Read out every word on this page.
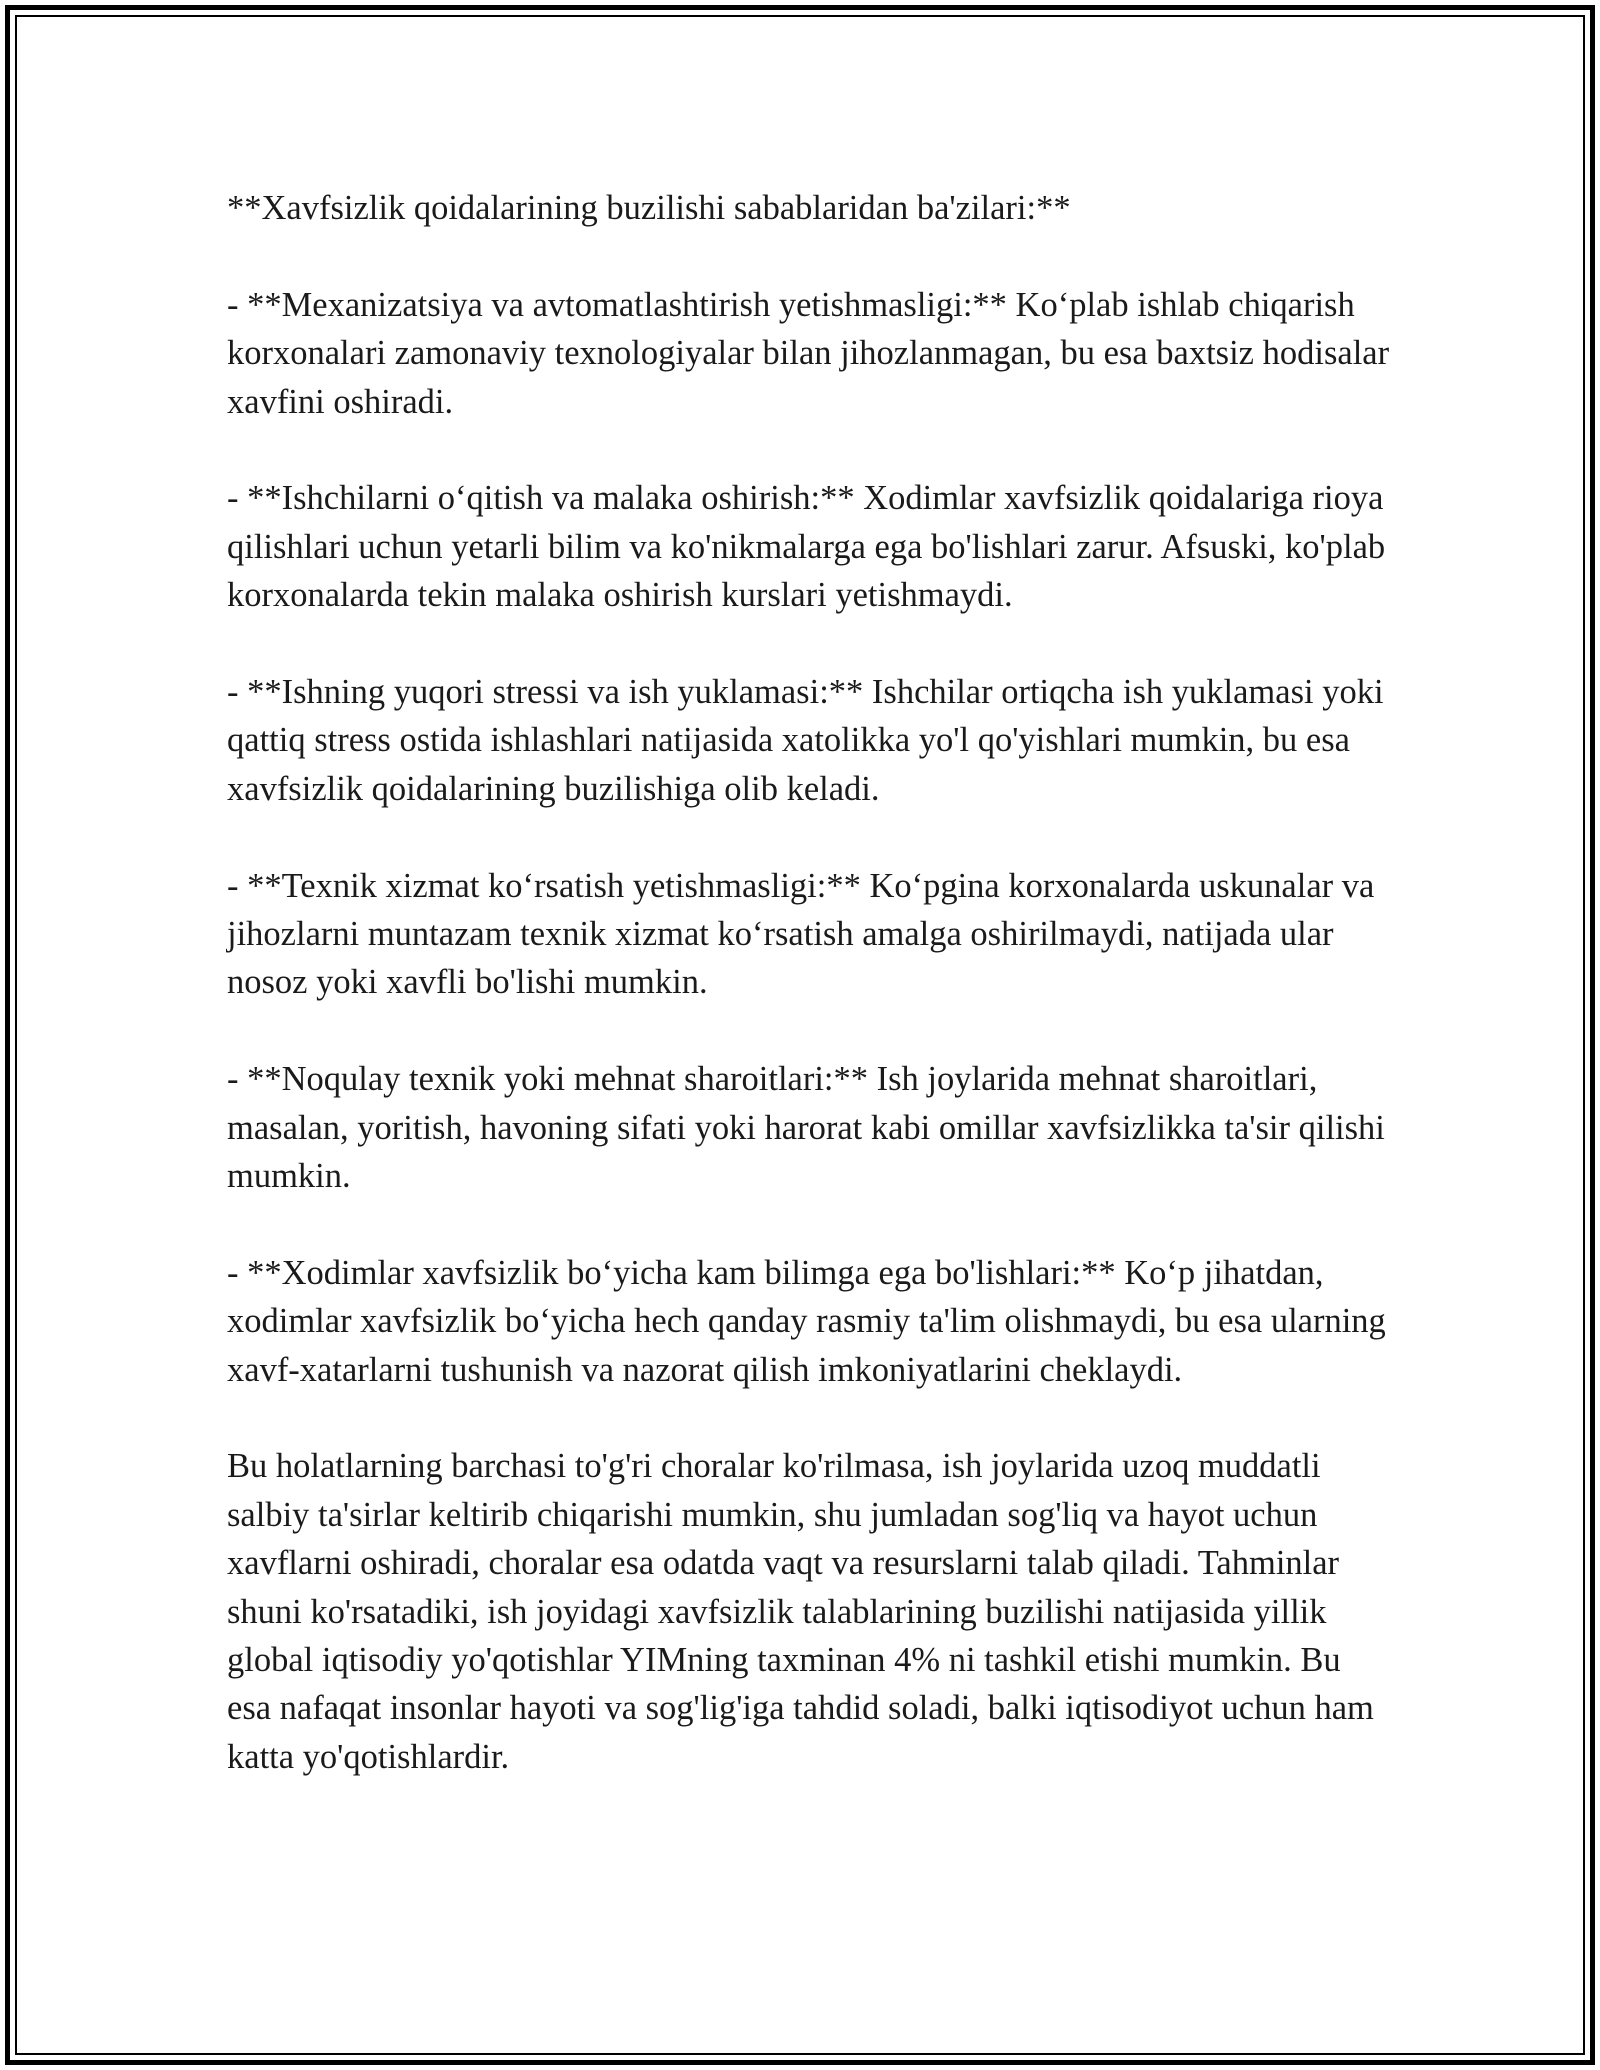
**Xavfsizlik qoidalarining buzilishi sabablaridan ba'zilari:**

- **Mexanizatsiya va avtomatlashtirish yetishmasligi:** Ko‘plab ishlab chiqarish korxonalari zamonaviy texnologiyalar bilan jihozlanmagan, bu esa baxtsiz hodisalar xavfini oshiradi.

- **Ishchilarni o‘qitish va malaka oshirish:** Xodimlar xavfsizlik qoidalariga rioya qilishlari uchun yetarli bilim va ko'nikmalarga ega bo'lishlari zarur. Afsuski, ko'plab korxonalarda tekin malaka oshirish kurslari yetishmaydi.

- **Ishning yuqori stressi va ish yuklamasi:** Ishchilar ortiqcha ish yuklamasi yoki qattiq stress ostida ishlashlari natijasida xatolikka yo'l qo'yishlari mumkin, bu esa xavfsizlik qoidalarining buzilishiga olib keladi.

- **Texnik xizmat ko‘rsatish yetishmasligi:** Ko‘pgina korxonalarda uskunalar va jihozlarni muntazam texnik xizmat ko‘rsatish amalga oshirilmaydi, natijada ular nosoz yoki xavfli bo'lishi mumkin.

- **Noqulay texnik yoki mehnat sharoitlari:** Ish joylarida mehnat sharoitlari, masalan, yoritish, havoning sifati yoki harorat kabi omillar xavfsizlikka ta'sir qilishi mumkin.

- **Xodimlar xavfsizlik bo‘yicha kam bilimga ega bo'lishlari:** Ko‘p jihatdan, xodimlar xavfsizlik bo‘yicha hech qanday rasmiy ta'lim olishmaydi, bu esa ularning xavf-xatarlarni tushunish va nazorat qilish imkoniyatlarini cheklaydi.

Bu holatlarning barchasi to'g'ri choralar ko'rilmasa, ish joylarida uzoq muddatli salbiy ta'sirlar keltirib chiqarishi mumkin, shu jumladan sog'liq va hayot uchun xavflarni oshiradi, choralar esa odatda vaqt va resurslarni talab qiladi. Tahminlar shuni ko'rsatadiki, ish joyidagi xavfsizlik talablarining buzilishi natijasida yillik global iqtisodiy yo'qotishlar YIMning taxminan 4% ni tashkil etishi mumkin. Bu esa nafaqat insonlar hayoti va sog'lig'iga tahdid soladi, balki iqtisodiyot uchun ham katta yo'qotishlardir.
